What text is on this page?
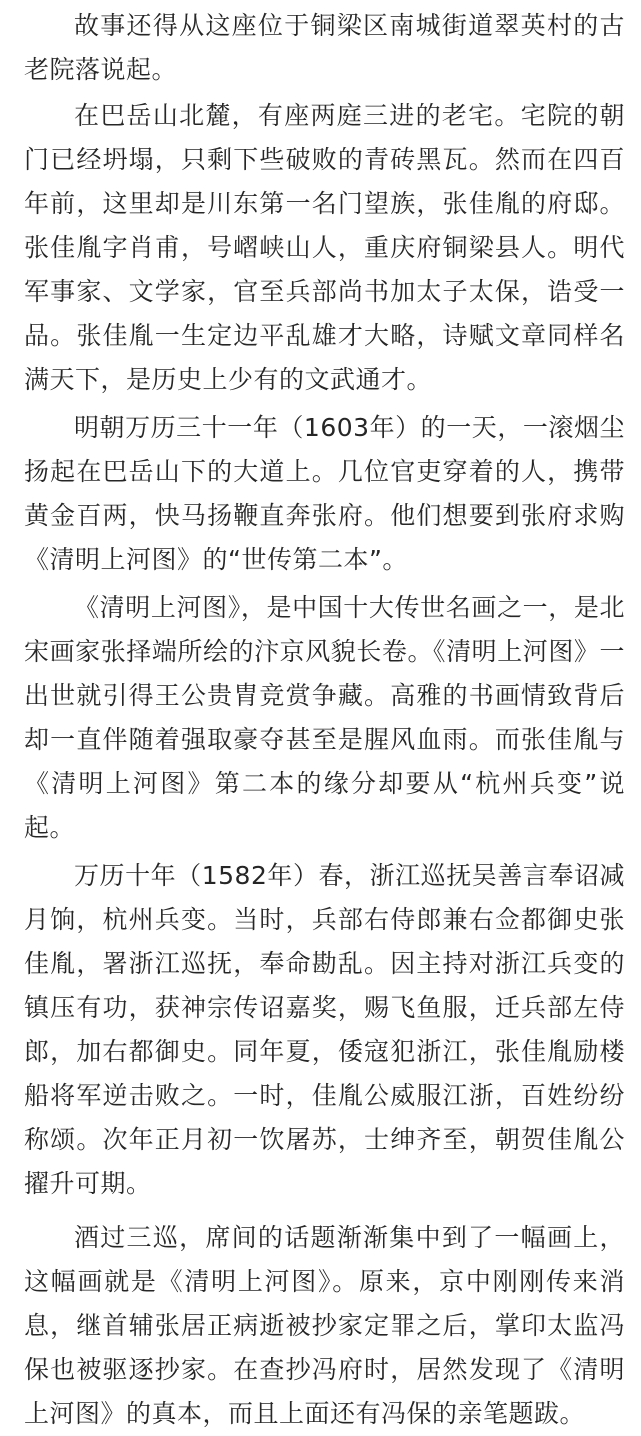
故事还得从这座位于铜梁区南城街道翠英村的古老院落说起。

在巴岳山北麓，有座两庭三进的老宅。宅院的朝门已经坍塌，只剩下些破败的青砖黑瓦。然而在四百年前，这里却是川东第一名门望族，张佳胤的府邸。张佳胤字肖甫，号嶍峡山人，重庆府铜梁县人。明代军事家、文学家，官至兵部尚书加太子太保，诰受一品。张佳胤一生定边平乱雄才大略，诗赋文章同样名满天下，是历史上少有的文武通才。

明朝万历三十一年（1603年）的一天，一滚烟尘扬起在巴岳山下的大道上。几位官吏穿着的人，携带黄金百两，快马扬鞭直奔张府。他们想要到张府求购《清明上河图》的“世传第二本”。

《清明上河图》，是中国十大传世名画之一，是北宋画家张择端所绘的汴京风貌长卷。《清明上河图》一出世就引得王公贵胄竞赏争藏。高雅的书画情致背后却一直伴随着强取豪夺甚至是腥风血雨。而张佳胤与《清明上河图》第二本的缘分却要从“杭州兵变”说起。

万历十年（1582年）春，浙江巡抚吴善言奉诏减月饷，杭州兵变。当时，兵部右侍郎兼右佥都御史张佳胤，署浙江巡抚，奉命勘乱。因主持对浙江兵变的镇压有功，获神宗传诏嘉奖，赐飞鱼服，迁兵部左侍郎，加右都御史。同年夏，倭寇犯浙江，张佳胤励楼船将军逆击败之。一时，佳胤公威服江浙，百姓纷纷称颂。次年正月初一饮屠苏，士绅齐至，朝贺佳胤公擢升可期。

酒过三巡，席间的话题渐渐集中到了一幅画上，这幅画就是《清明上河图》。原来，京中刚刚传来消息，继首辅张居正病逝被抄家定罪之后，掌印太监冯保也被驱逐抄家。在查抄冯府时，居然发现了《清明上河图》的真本，而且上面还有冯保的亲笔题跋。
